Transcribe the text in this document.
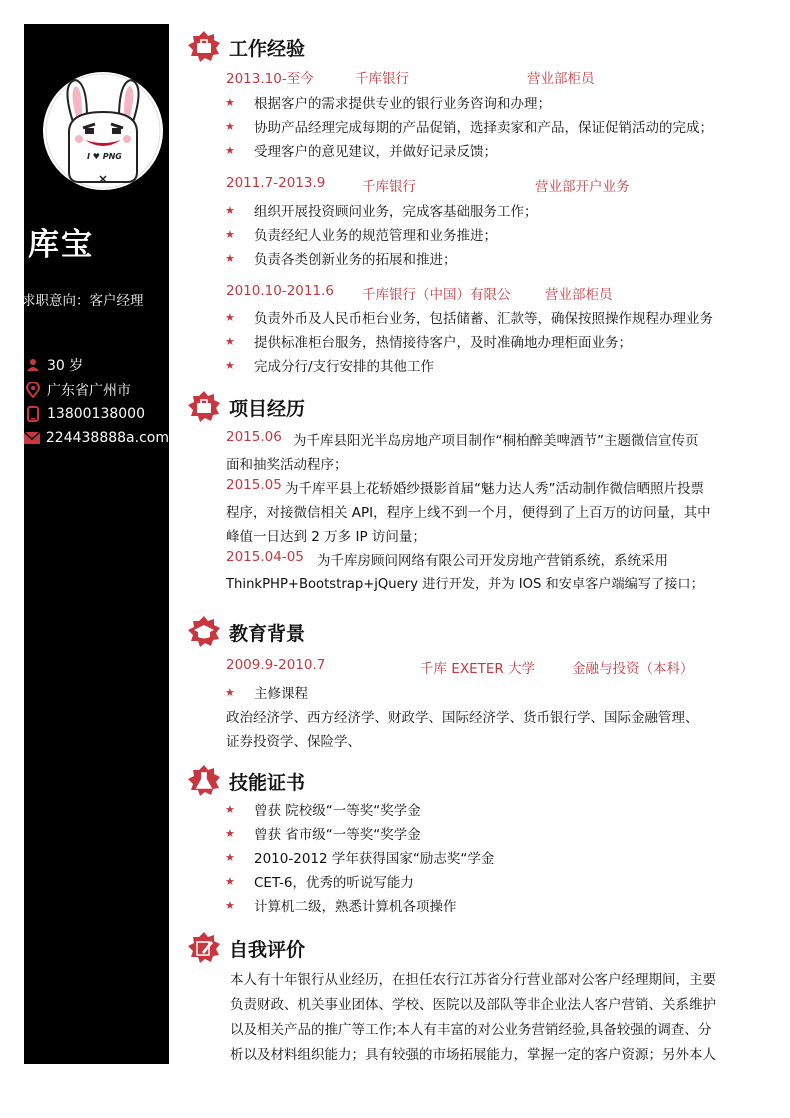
I ♥ PNG
库宝
求职意向：客户经理
30 岁
广东省广州市
13800138000
224438888a.com
工作经验
2013.10-至今	千库银行	营业部柜员
★ 根据客户的需求提供专业的银行业务咨询和办理；
★ 协助产品经理完成每期的产品促销，选择卖家和产品，保证促销活动的完成；
★ 受理客户的意见建议，并做好记录反馈；
2011.7-2013.9	千库银行	营业部开户业务
★ 组织开展投资顾问业务，完成客基础服务工作；
★ 负责经纪人业务的规范管理和业务推进；
★ 负责各类创新业务的拓展和推进；
2010.10-2011.6 千库银行（中国）有限公	营业部柜员
★ 负责外币及人民币柜台业务，包括储蓄、汇款等，确保按照操作规程办理业务
★ 提供标准柜台服务，热情接待客户，及时准确地办理柜面业务；
★ 完成分行/支行安排的其他工作
项目经历
2015.06 为千库县阳光半岛房地产项目制作“桐柏醉美啤酒节”主题微信宣传页
面和抽奖活动程序；
2015.05 为千库平县上花轿婚纱摄影首届“魅力达人秀”活动制作微信晒照片投票
程序，对接微信相关 API，程序上线不到一个月，便得到了上百万的访问量，其中
峰值一日达到 2 万多 IP 访问量；
2015.04-05 为千库房顾问网络有限公司开发房地产营销系统，系统采用
ThinkPHP+Bootstrap+jQuery 进行开发，并为 IOS 和安卓客户端编写了接口；
教育背景
2009.9-2010.7	千库 EXETER 大学	金融与投资（本科）
★ 主修课程
政治经济学、西方经济学、财政学、国际经济学、货币银行学、国际金融管理、
证券投资学、保险学、
技能证书
★ 曾获 院校级“一等奖“奖学金
★ 曾获 省市级“一等奖“奖学金
★ 2010-2012 学年获得国家“励志奖“学金
★ CET-6，优秀的听说写能力
★ 计算机二级，熟悉计算机各项操作
自我评价
本人有十年银行从业经历，在担任农行江苏省分行营业部对公客户经理期间，主要
负责财政、机关事业团体、学校、医院以及部队等非企业法人客户营销、关系维护
以及相关产品的推广等工作;本人有丰富的对公业务营销经验,具备较强的调查、分
析以及材料组织能力；具有较强的市场拓展能力，掌握一定的客户资源；另外本人
